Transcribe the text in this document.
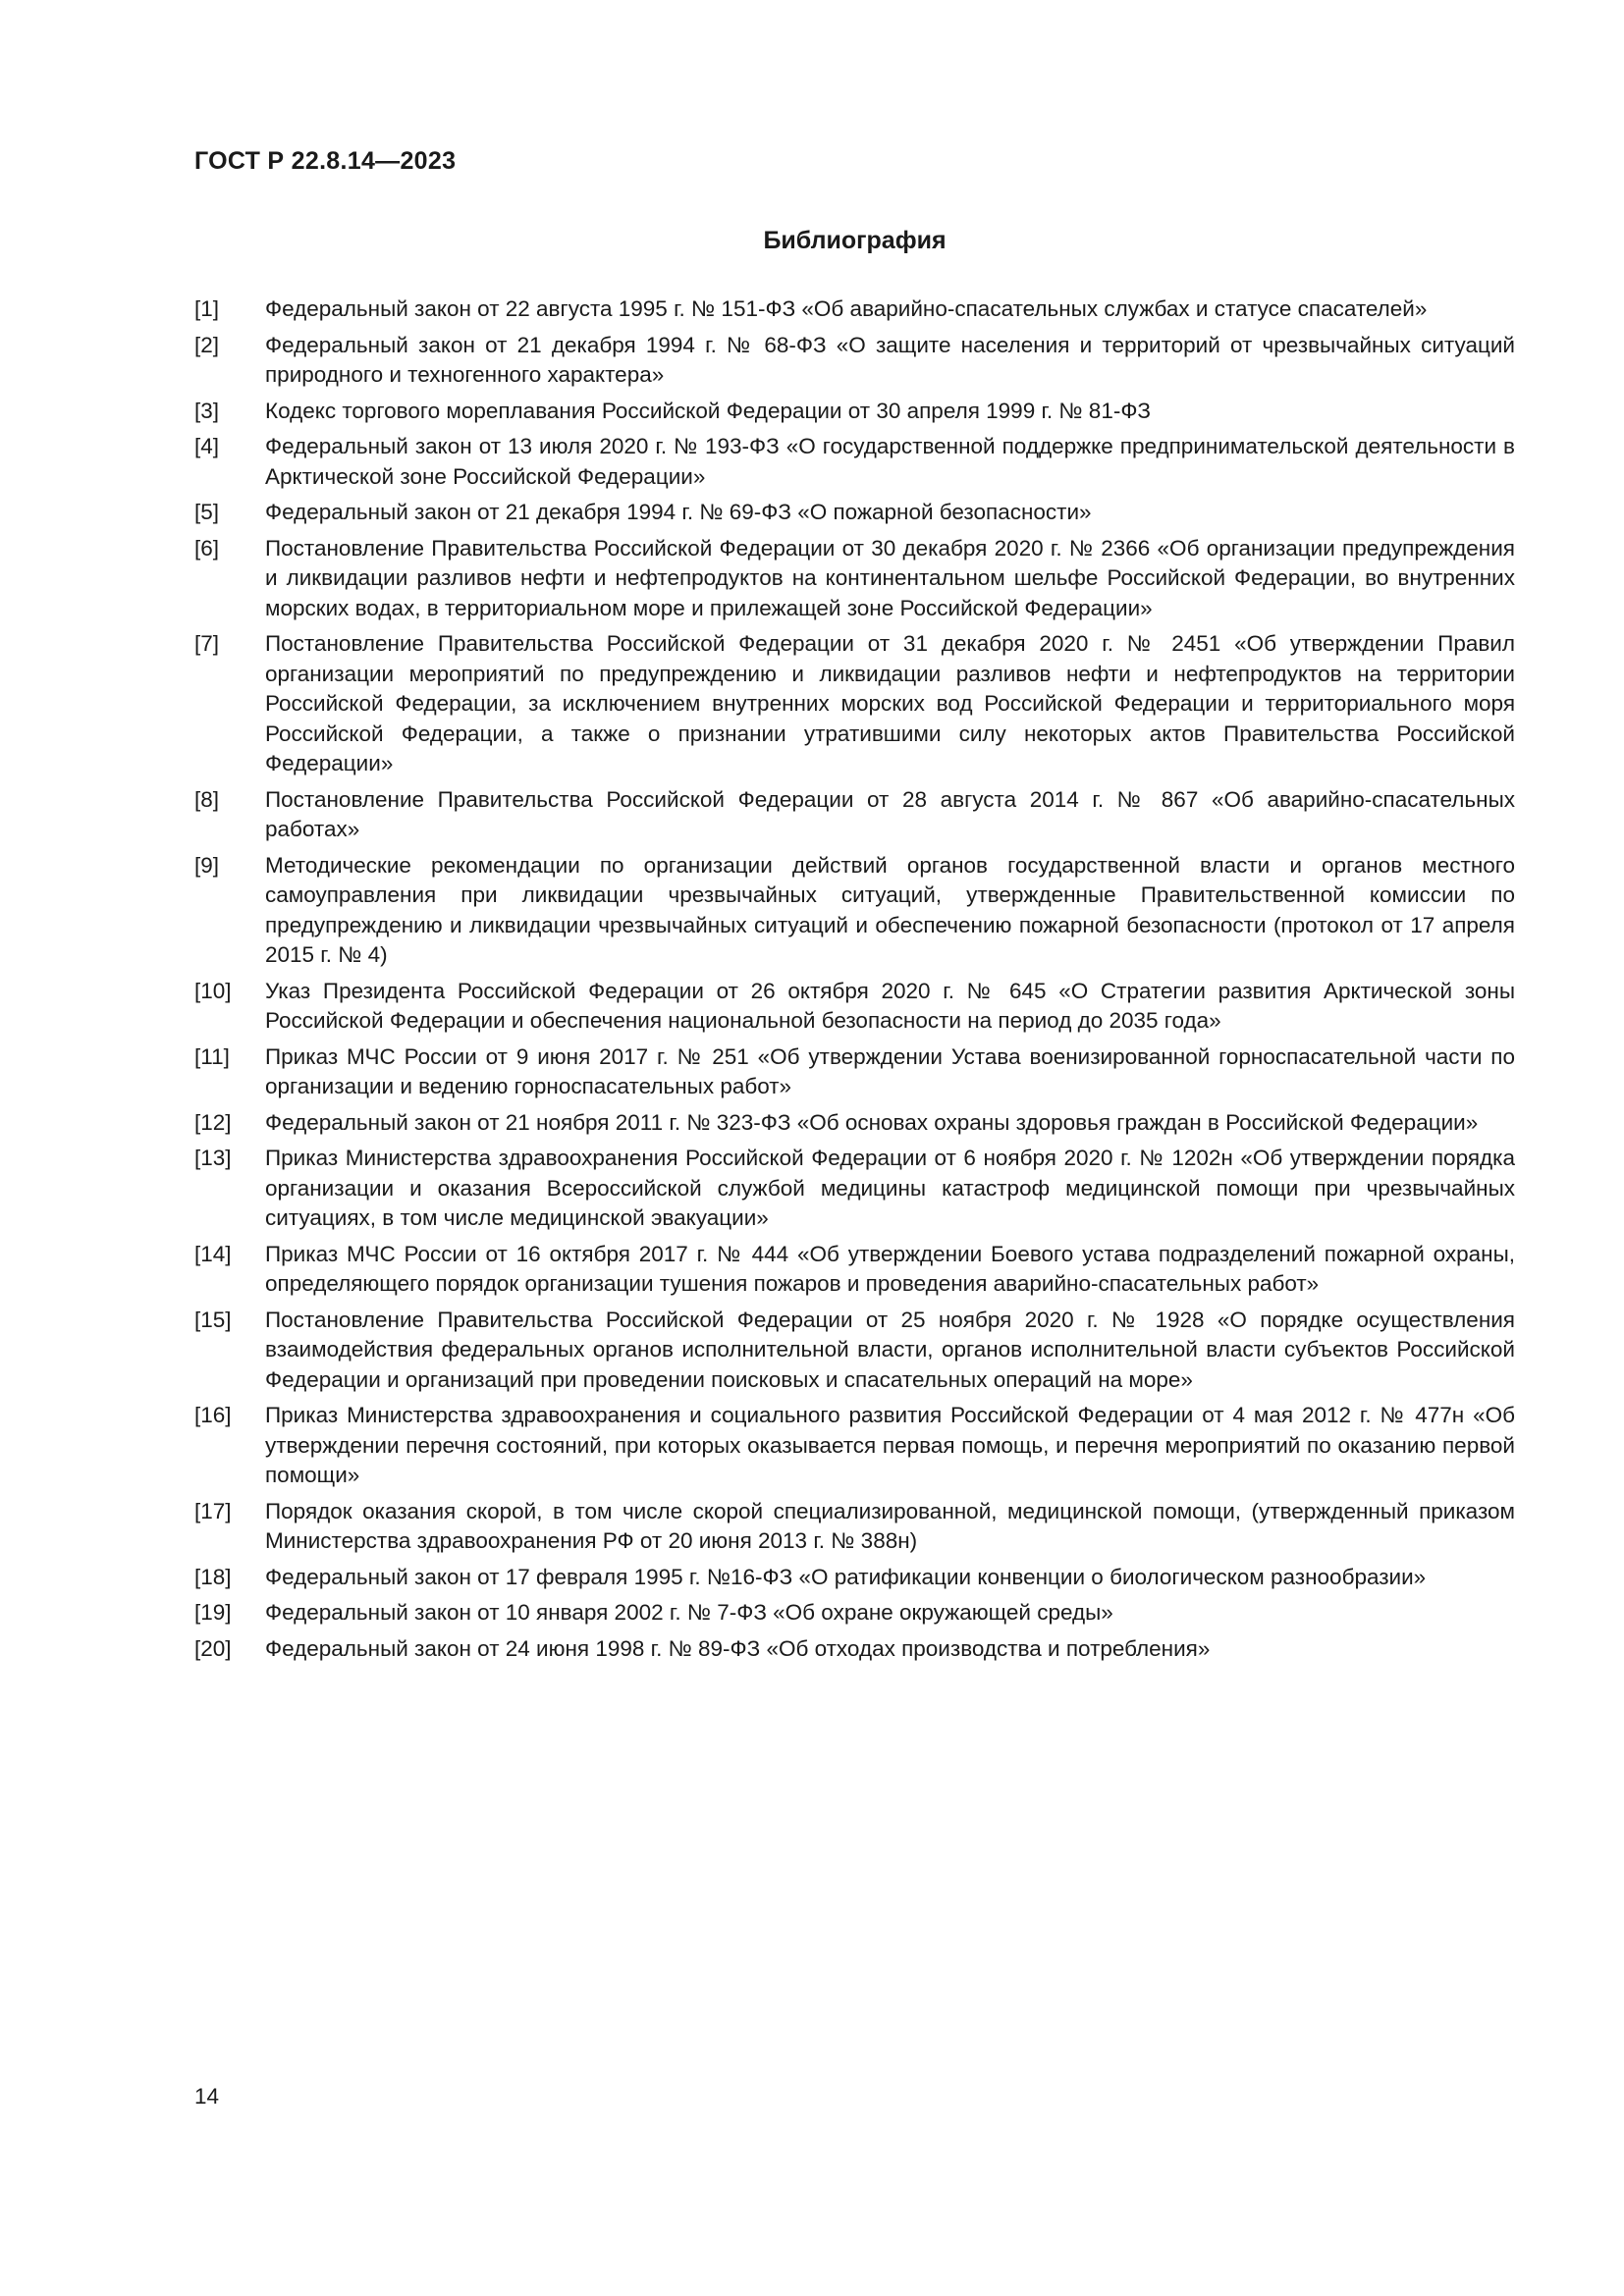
ГОСТ Р 22.8.14—2023
Библиография
[1]	Федеральный закон от 22 августа 1995 г. № 151-ФЗ «Об аварийно-спасательных службах и статусе спасателей»
[2]	Федеральный закон от 21 декабря 1994 г. № 68-ФЗ «О защите населения и территорий от чрезвычайных ситуаций природного и техногенного характера»
[3]	Кодекс торгового мореплавания Российской Федерации от 30 апреля 1999 г. № 81-ФЗ
[4]	Федеральный закон от 13 июля 2020 г. № 193-ФЗ «О государственной поддержке предпринимательской деятельности в Арктической зоне Российской Федерации»
[5]	Федеральный закон от 21 декабря 1994 г. № 69-ФЗ «О пожарной безопасности»
[6]	Постановление Правительства Российской Федерации от 30 декабря 2020 г. № 2366 «Об организации предупреждения и ликвидации разливов нефти и нефтепродуктов на континентальном шельфе Российской Федерации, во внутренних морских водах, в территориальном море и прилежащей зоне Российской Федерации»
[7]	Постановление Правительства Российской Федерации от 31 декабря 2020 г. № 2451 «Об утверждении Правил организации мероприятий по предупреждению и ликвидации разливов нефти и нефтепродуктов на территории Российской Федерации, за исключением внутренних морских вод Российской Федерации и территориального моря Российской Федерации, а также о признании утратившими силу некоторых актов Правительства Российской Федерации»
[8]	Постановление Правительства Российской Федерации от 28 августа 2014 г. № 867 «Об аварийно-спасательных работах»
[9]	Методические рекомендации по организации действий органов государственной власти и органов местного самоуправления при ликвидации чрезвычайных ситуаций, утвержденные Правительственной комиссии по предупреждению и ликвидации чрезвычайных ситуаций и обеспечению пожарной безопасности (протокол от 17 апреля 2015 г. № 4)
[10]	Указ Президента Российской Федерации от 26 октября 2020 г. № 645 «О Стратегии развития Арктической зоны Российской Федерации и обеспечения национальной безопасности на период до 2035 года»
[11]	Приказ МЧС России от 9 июня 2017 г. № 251 «Об утверждении Устава военизированной горноспасательной части по организации и ведению горноспасательных работ»
[12]	Федеральный закон от 21 ноября 2011 г. № 323-ФЗ «Об основах охраны здоровья граждан в Российской Федерации»
[13]	Приказ Министерства здравоохранения Российской Федерации от 6 ноября 2020 г. № 1202н «Об утверждении порядка организации и оказания Всероссийской службой медицины катастроф медицинской помощи при чрезвычайных ситуациях, в том числе медицинской эвакуации»
[14]	Приказ МЧС России от 16 октября 2017 г. № 444 «Об утверждении Боевого устава подразделений пожарной охраны, определяющего порядок организации тушения пожаров и проведения аварийно-спасательных работ»
[15]	Постановление Правительства Российской Федерации от 25 ноября 2020 г. № 1928 «О порядке осуществления взаимодействия федеральных органов исполнительной власти, органов исполнительной власти субъектов Российской Федерации и организаций при проведении поисковых и спасательных операций на море»
[16]	Приказ Министерства здравоохранения и социального развития Российской Федерации от 4 мая 2012 г. № 477н «Об утверждении перечня состояний, при которых оказывается первая помощь, и перечня мероприятий по оказанию первой помощи»
[17]	Порядок оказания скорой, в том числе скорой специализированной, медицинской помощи, (утвержденный приказом Министерства здравоохранения РФ от 20 июня 2013 г. № 388н)
[18]	Федеральный закон от 17 февраля 1995 г. №16-ФЗ «О ратификации конвенции о биологическом разнообразии»
[19]	Федеральный закон от 10 января 2002 г. № 7-ФЗ «Об охране окружающей среды»
[20]	Федеральный закон от 24 июня 1998 г. № 89-ФЗ «Об отходах производства и потребления»
14
